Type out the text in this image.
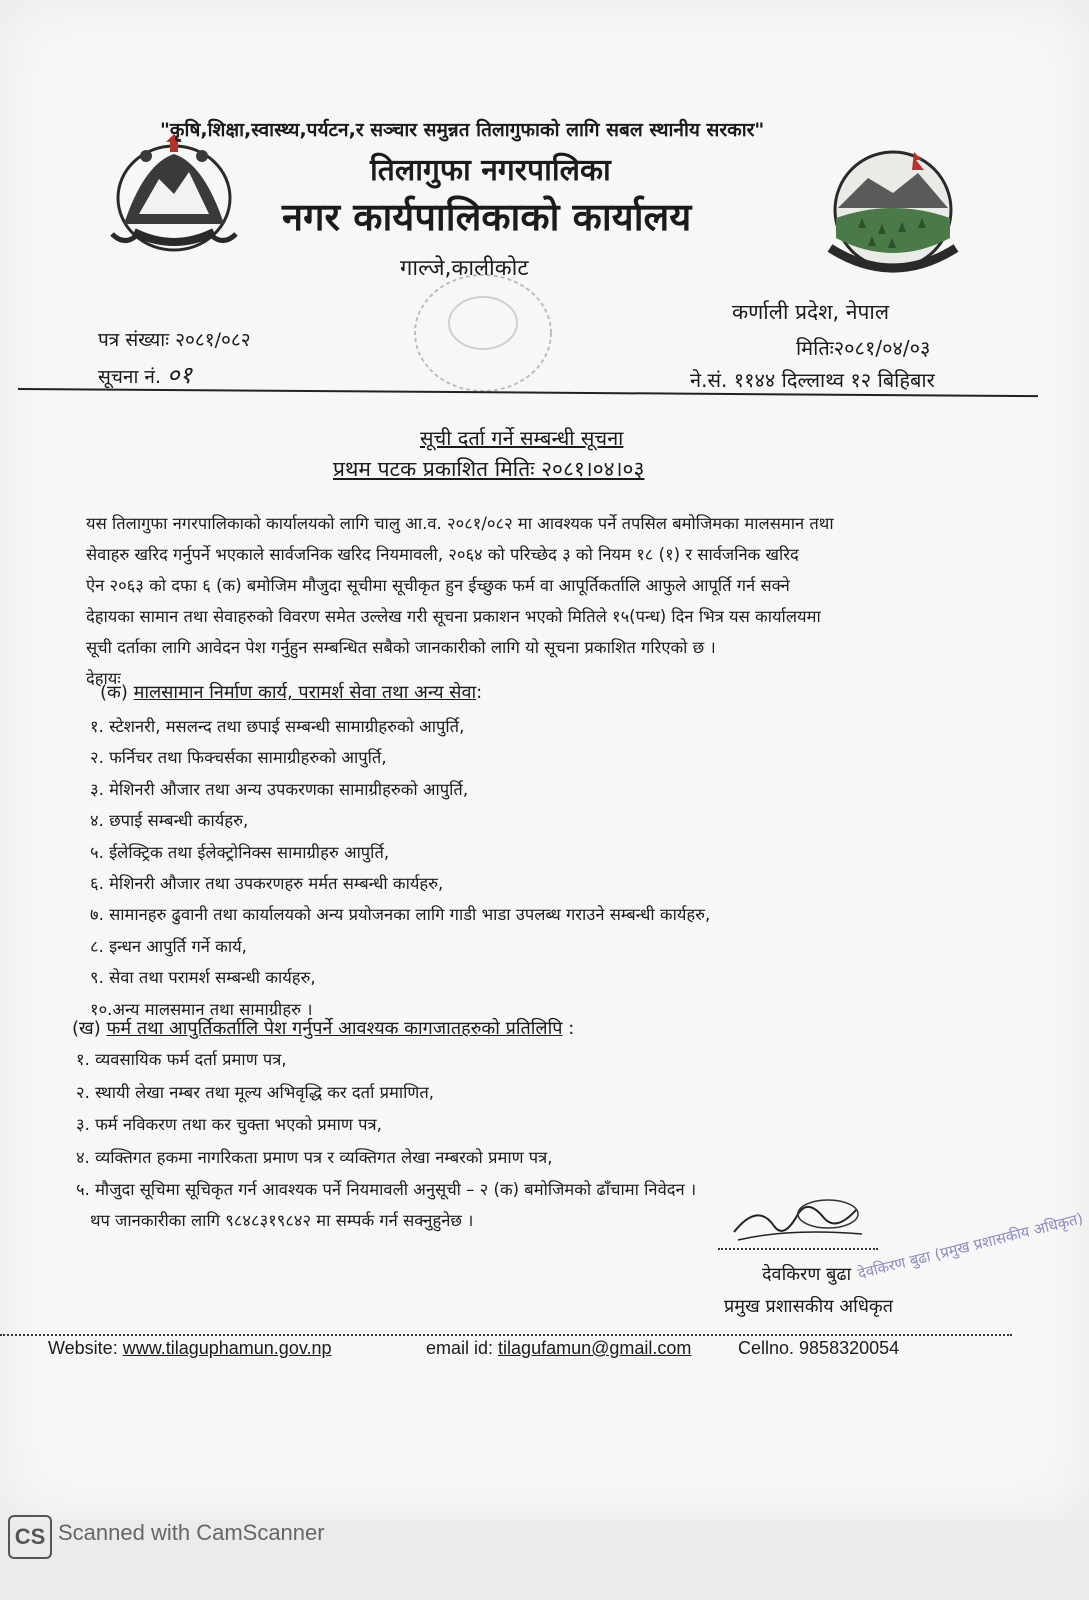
"कृषि,शिक्षा,स्वास्थ्य,पर्यटन,र सञ्चार समुन्नत तिलागुफाको लागि सबल स्थानीय सरकार"
तिलागुफा नगरपालिका
नगर कार्यपालिकाको कार्यालय
गाल्जे,कालीकोट
कर्णाली प्रदेश, नेपाल
पत्र संख्याः २०८१/०८२	मितिः२०८१/०४/०३
सूचना नं. ०१	ने.सं. ११४४ दिल्लाथ्व १२ बिहिबार
सूची दर्ता गर्ने सम्बन्धी सूचना
प्रथम पटक प्रकाशित मितिः २०८१।०४।०३
यस तिलागुफा नगरपालिकाको कार्यालयको लागि चालु आ.व. २०८१/०८२ मा आवश्यक पर्ने तपसिल बमोजिमका मालसमान तथा
सेवाहरु खरिद गर्नुपर्ने भएकाले सार्वजनिक खरिद नियमावली, २०६४ को परिच्छेद ३ को नियम १८ (१) र सार्वजनिक खरिद
ऐन २०६३ को दफा ६ (क) बमोजिम मौजुदा सूचीमा सूचीकृत हुन ईच्छुक फर्म वा आपूर्तिकर्तालि आफुले आपूर्ति गर्न सक्ने
देहायका सामान तथा सेवाहरुको विवरण समेत उल्लेख गरी सूचना प्रकाशन भएको मितिले १५(पन्ध) दिन भित्र यस कार्यालयमा
सूची दर्ताका लागि आवेदन पेश गर्नुहुन सम्बन्धित सबैको जानकारीको लागि यो सूचना प्रकाशित गरिएको छ ।
देहायः
(क) मालसामान निर्माण कार्य, परामर्श सेवा तथा अन्य सेवा:
१. स्टेशनरी, मसलन्द तथा छपाई सम्बन्धी सामाग्रीहरुको आपुर्ति,
२. फर्निचर तथा फिक्चर्सका सामाग्रीहरुको आपुर्ति,
३. मेशिनरी औजार तथा अन्य उपकरणका सामाग्रीहरुको आपुर्ति,
४. छपाई सम्बन्धी कार्यहरु,
५. ईलेक्ट्रिक तथा ईलेक्ट्रोनिक्स सामाग्रीहरु आपुर्ति,
६. मेशिनरी औजार तथा उपकरणहरु मर्मत सम्बन्धी कार्यहरु,
७. सामानहरु ढुवानी तथा कार्यालयको अन्य प्रयोजनका लागि गाडी भाडा उपलब्ध गराउने सम्बन्धी कार्यहरु,
८. इन्धन आपुर्ति गर्ने कार्य,
९. सेवा तथा परामर्श सम्बन्धी कार्यहरु,
१०.अन्य मालसमान तथा सामाग्रीहरु ।
(ख) फर्म तथा आपुर्तिकर्तालि पेश गर्नुपर्ने आवश्यक कागजातहरुको प्रतिलिपि :
१. व्यवसायिक फर्म दर्ता प्रमाण पत्र,
२. स्थायी लेखा नम्बर तथा मूल्य अभिवृद्धि कर दर्ता प्रमाणित,
३. फर्म नविकरण तथा कर चुक्ता भएको प्रमाण पत्र,
४. व्यक्तिगत हकमा नागरिकता प्रमाण पत्र र व्यक्तिगत लेखा नम्बरको प्रमाण पत्र,
५. मौजुदा सूचिमा सूचिकृत गर्न आवश्यक पर्ने नियमावली अनुसूची – २ (क) बमोजिमको ढाँचामा निवेदन ।
थप जानकारीका लागि ९८४८३१९८४२ मा सम्पर्क गर्न सक्नुहुनेछ ।
देवकिरण बुढा
प्रमुख प्रशासकीय अधिकृत
देवकिरण बुढा (प्रमुख प्रशासकीय अधिकृत)
Website: www.tilaguphamun.gov.np	email id: tilagufamun@gmail.com	Cellno. 9858320054
CS Scanned with CamScanner
